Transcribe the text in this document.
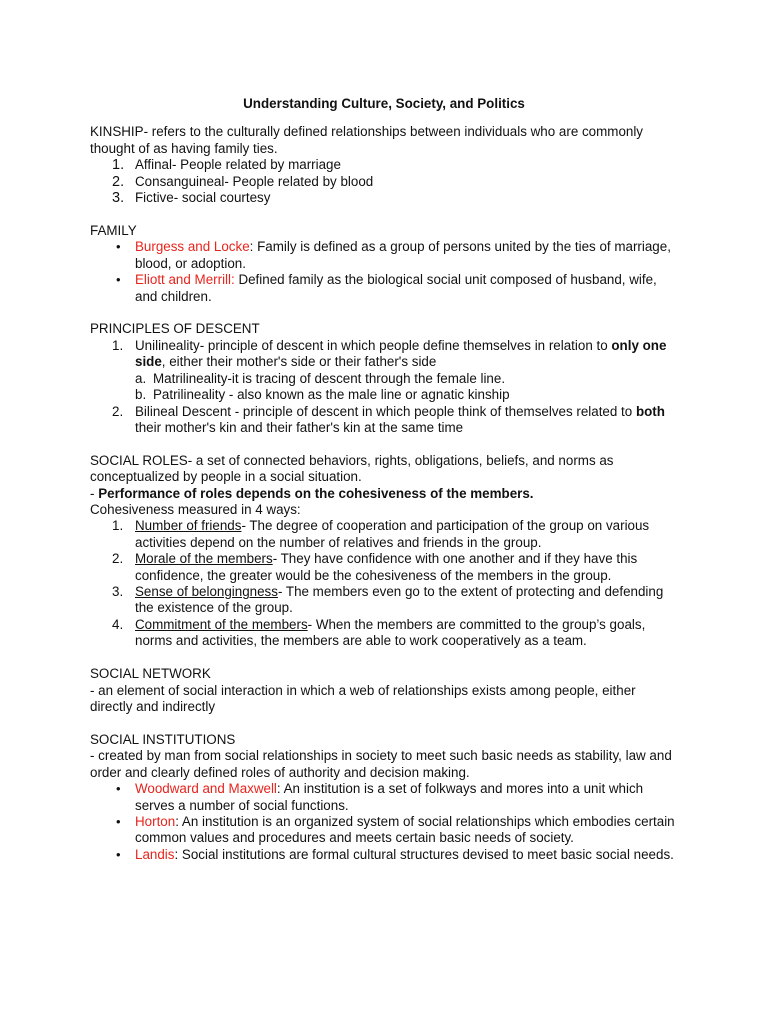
Understanding Culture, Society, and Politics

KINSHIP- refers to the culturally defined relationships between individuals who are commonly thought of as having family ties.

1. Affinal- People related by marriage
2. Consanguineal- People related by blood
3. Fictive- social courtesy

FAMILY

• Burgess and Locke: Family is defined as a group of persons united by the ties of marriage, blood, or adoption.
• Eliott and Merrill: Defined family as the biological social unit composed of husband, wife, and children.

PRINCIPLES OF DESCENT

1. Unilineality- principle of descent in which people define themselves in relation to only one side, either their mother's side or their father's side
a. Matrilineality-it is tracing of descent through the female line.
b. Patrilineality - also known as the male line or agnatic kinship
2. Bilineal Descent - principle of descent in which people think of themselves related to both their mother's kin and their father's kin at the same time

SOCIAL ROLES- a set of connected behaviors, rights, obligations, beliefs, and norms as conceptualized by people in a social situation.

- Performance of roles depends on the cohesiveness of the members.

Cohesiveness measured in 4 ways:

1. Number of friends- The degree of cooperation and participation of the group on various activities depend on the number of relatives and friends in the group.
2. Morale of the members- They have confidence with one another and if they have this confidence, the greater would be the cohesiveness of the members in the group.
3. Sense of belongingness- The members even go to the extent of protecting and defending the existence of the group.
4. Commitment of the members- When the members are committed to the group’s goals, norms and activities, the members are able to work cooperatively as a team.

SOCIAL NETWORK

- an element of social interaction in which a web of relationships exists among people, either directly and indirectly

SOCIAL INSTITUTIONS

- created by man from social relationships in society to meet such basic needs as stability, law and order and clearly defined roles of authority and decision making.

• Woodward and Maxwell: An institution is a set of folkways and mores into a unit which serves a number of social functions.
• Horton: An institution is an organized system of social relationships which embodies certain common values and procedures and meets certain basic needs of society.
• Landis: Social institutions are formal cultural structures devised to meet basic social needs.
